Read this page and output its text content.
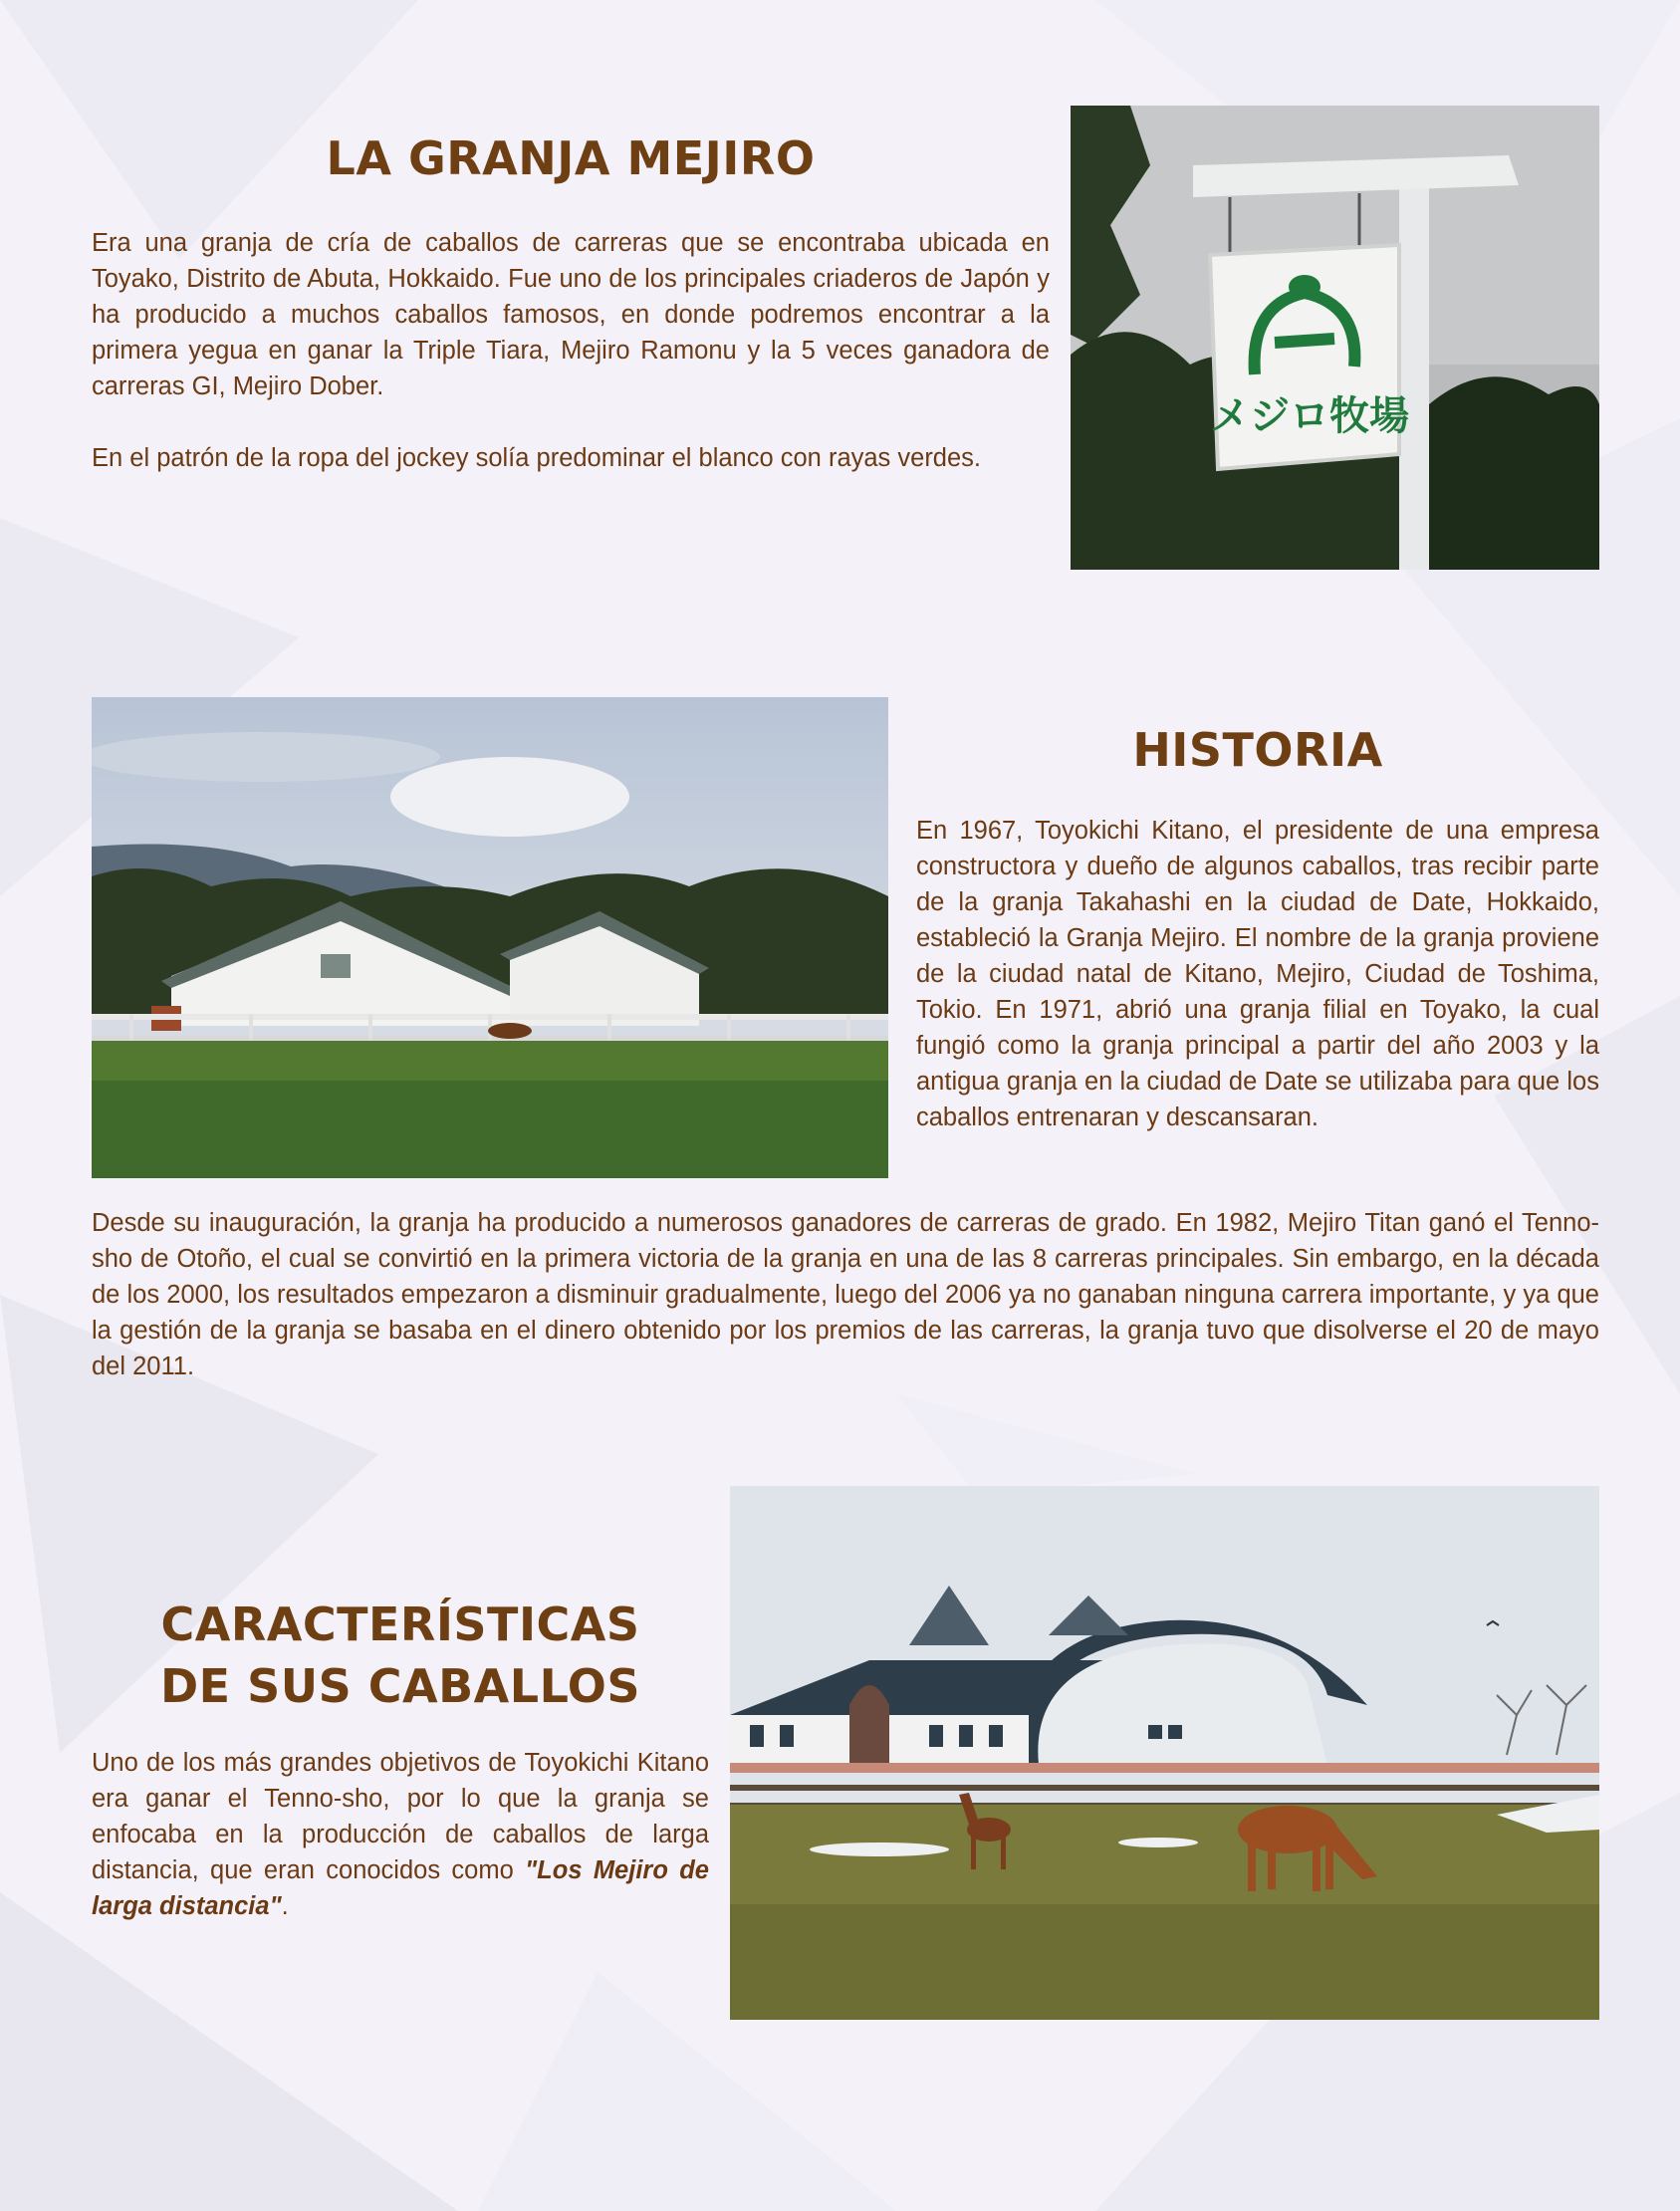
LA GRANJA MEJIRO

Era una granja de cría de caballos de carreras que se encontraba ubicada en Toyako, Distrito de Abuta, Hokkaido. Fue uno de los principales criaderos de Japón y ha producido a muchos caballos famosos, en donde podremos encontrar a la primera yegua en ganar la Triple Tiara, Mejiro Ramonu y la 5 veces ganadora de carreras GI, Mejiro Dober.

En el patrón de la ropa del jockey solía predominar el blanco con rayas verdes.

メジロ牧場
HISTORIA

En 1967, Toyokichi Kitano, el presidente de una empresa constructora y dueño de algunos caballos, tras recibir parte de la granja Takahashi en la ciudad de Date, Hokkaido, estableció la Granja Mejiro. El nombre de la granja proviene de la ciudad natal de Kitano, Mejiro, Ciudad de Toshima, Tokio. En 1971, abrió una granja filial en Toyako, la cual fungió como la granja principal a partir del año 2003 y la antigua granja en la ciudad de Date se utilizaba para que los caballos entrenaran y descansaran.

Desde su inauguración, la granja ha producido a numerosos ganadores de carreras de grado. En 1982, Mejiro Titan ganó el Tenno-sho de Otoño, el cual se convirtió en la primera victoria de la granja en una de las 8 carreras principales. Sin embargo, en la década de los 2000, los resultados empezaron a disminuir gradualmente, luego del 2006 ya no ganaban ninguna carrera importante, y ya que la gestión de la granja se basaba en el dinero obtenido por los premios de las carreras, la granja tuvo que disolverse el 20 de mayo del 2011.

CARACTERÍSTICAS
DE SUS CABALLOS

Uno de los más grandes objetivos de Toyokichi Kitano era ganar el Tenno-sho, por lo que la granja se enfocaba en la producción de caballos de larga distancia, que eran conocidos como "Los Mejiro de larga distancia".
